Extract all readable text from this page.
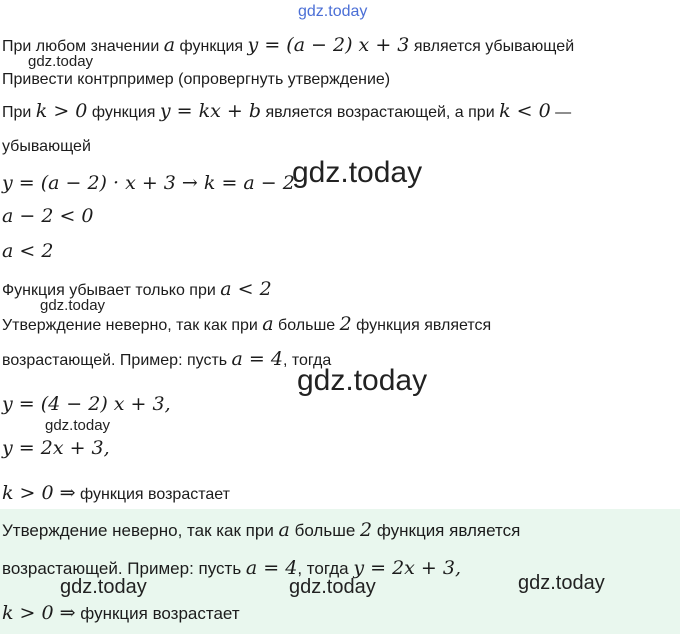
gdz.today
При любом значении a функция y = (a − 2) x + 3 является убывающей
gdz.today
Привести контрпример (опровергнуть утверждение)
При k > 0 функция y = kx + b является возрастающей, а при k < 0 —
убывающей
y = (a − 2) · x + 3 → k = a − 2
gdz.today
a − 2 < 0
a < 2
Функция убывает только при a < 2
gdz.today
Утверждение неверно, так как при a больше 2 функция является
возрастающей. Пример: пусть a = 4, тогда
gdz.today
y = (4 − 2) x + 3,
gdz.today
y = 2x + 3,
k > 0 ⇒ функция возрастает
Утверждение неверно, так как при a больше 2 функция является
возрастающей. Пример: пусть a = 4, тогда y = 2x + 3,
gdz.today	gdz.today	gdz.today
k > 0 ⇒ функция возрастает
